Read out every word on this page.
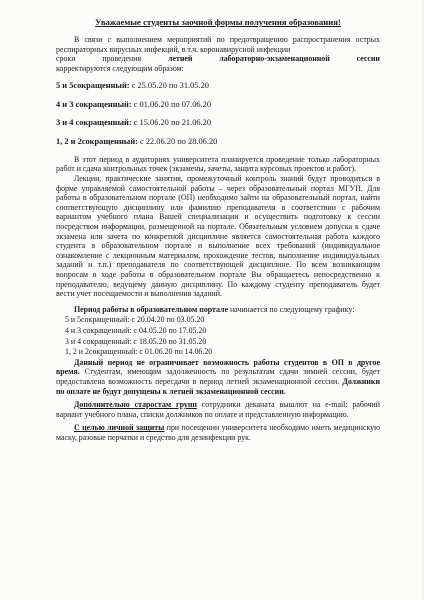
Уважаемые студенты заочной формы получения образования!

В связи с выполнением мероприятий по предотвращению распространения острых респираторных вирусных инфекций, в т.ч. коронавирусной инфекции

сроки проведения	летней лабораторно-экзаменационной сессии

корректируются следующим образом:

5 и 5сокращенный: с 25.05.20 по 31.05.20

4 и 3 сокращенный: с 01.06.20 по 07.06.20

3 и 4 сокращенный: с 15.06.20 по 21.06.20

1, 2 и 2сокращенный: с 22.06.20 по 28.06.20

В этот период в аудиториях университета планируется проведение только лабораторных работ и сдача контрольных точек (экзамены, зачеты, защита курсовых проектов и работ).

Лекции, практические занятия, промежуточный контроль знаний будут проводиться в форме управляемой самостоятельной работы – через образовательный портал МГУП. Для работы в образовательном портале (ОП) необходимо зайти на образовательный портал, найти соответствующую дисциплину или фамилию преподавателя в соответствии с рабочим вариантом учебного плана Вашей специализации и осуществить подготовку к сессии посредством информации, размещенной на портале. Обязательным условием допуска к сдаче экзамена или зачета по конкретной дисциплине является самостоятельная работа каждого студента в образовательном портале и выполнение всех требований (индивидуальное ознакомление с лекционным материалом, прохождение тестов, выполнение индивидуальных заданий и т.п.) преподавателя по соответствующей дисциплине. По всем возникающим вопросам в ходе работы в образовательном портале Вы обращаетесь непосредственно к преподавателю, ведущему данную дисциплину. По каждому студенту преподаватель будет вести учет посещаемости и выполнения заданий.

Период работы в образовательном портале начинается по следующему графику:

5 и 5сокращенный: с 20.04.20 по 03.05.20

4 и 3 сокращенный: с 04.05.20 по 17.05.20

3 и 4 сокращенный: с 18.05.20 по 31.05.20

1, 2 и 2сокращенный: с 01.06.20 по 14.06.20

Данный период не ограничивает возможность работы студентов в ОП в другое время. Студентам, имеющим задолженность по результатам сдачи зимней сессии, будет предоставлена возможность пересдачи в период летней экзаменационной сессии. Должники по оплате не будут допущены к летней экзаменационной сессии.

Дополнительно старостам групп сотрудники деканата вышлют на e-mail: рабочий вариант учебного плана, списки должников по оплате и представленную информацию.

С целью личной защиты при посещении университета необходимо иметь медицинскую маску, разовые перчатки и средство для дезинфекции рук.
